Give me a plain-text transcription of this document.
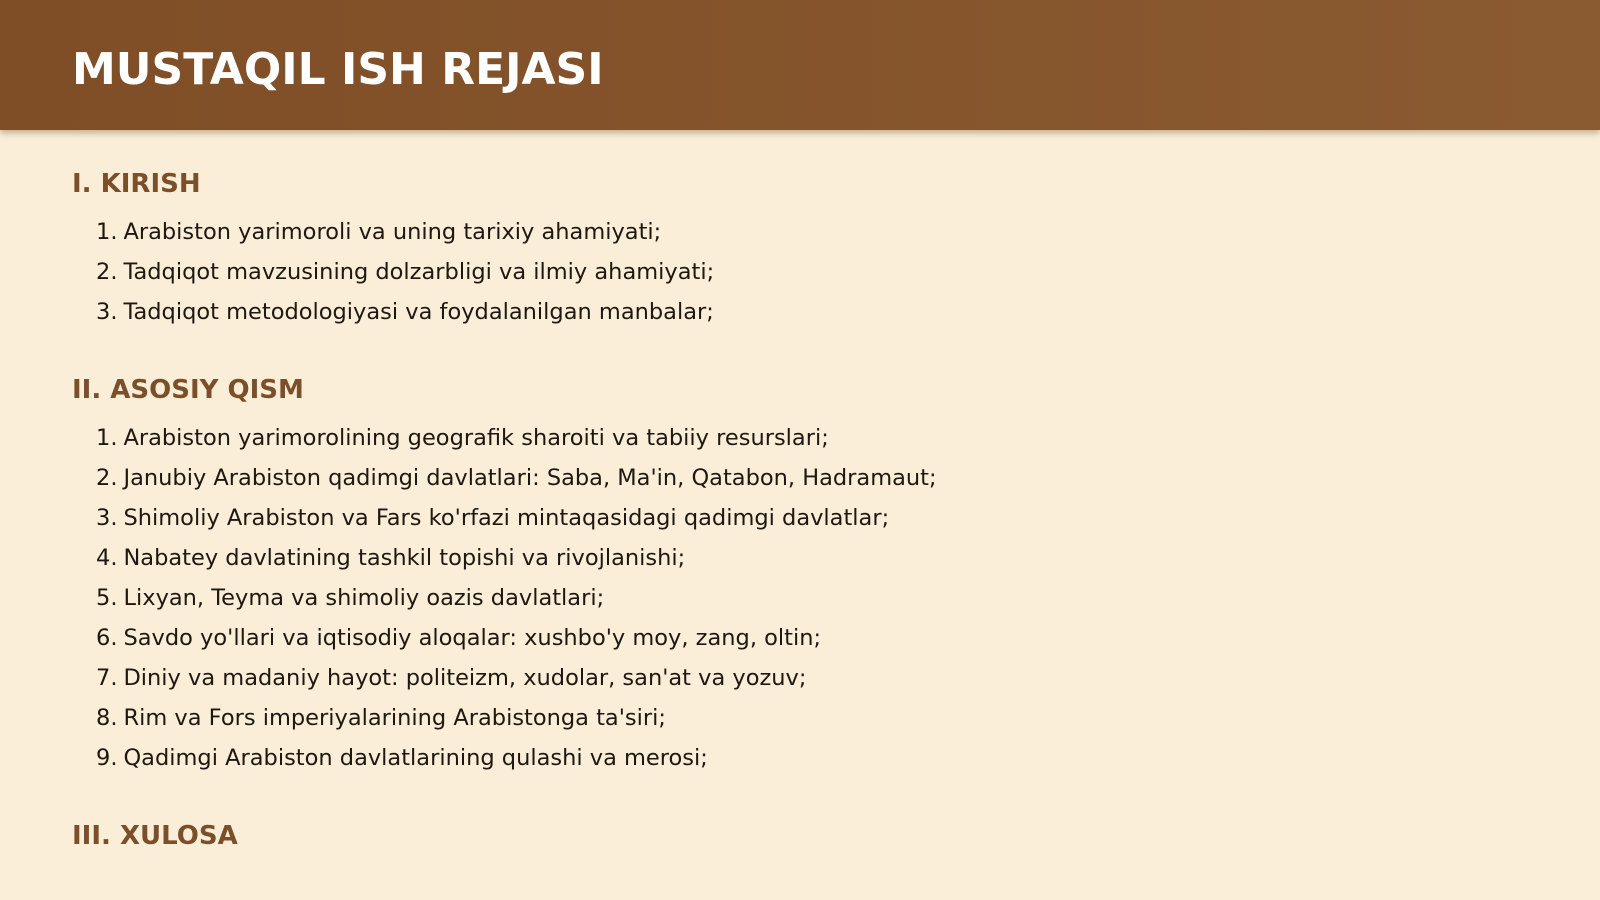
MUSTAQIL ISH REJASI
I. KIRISH
1. Arabiston yarimoroli va uning tarixiy ahamiyati;
2. Tadqiqot mavzusining dolzarbligi va ilmiy ahamiyati;
3. Tadqiqot metodologiyasi va foydalanilgan manbalar;
II. ASOSIY QISM
1. Arabiston yarimorolining geografik sharoiti va tabiiy resurslari;
2. Janubiy Arabiston qadimgi davlatlari: Saba, Ma'in, Qatabon, Hadramaut;
3. Shimoliy Arabiston va Fars ko'rfazi mintaqasidagi qadimgi davlatlar;
4. Nabatey davlatining tashkil topishi va rivojlanishi;
5. Lixyan, Teyma va shimoliy oazis davlatlari;
6. Savdo yo'llari va iqtisodiy aloqalar: xushbo'y moy, zang, oltin;
7. Diniy va madaniy hayot: politeizm, xudolar, san'at va yozuv;
8. Rim va Fors imperiyalarining Arabistonga ta'siri;
9. Qadimgi Arabiston davlatlarining qulashi va merosi;
III. XULOSA
